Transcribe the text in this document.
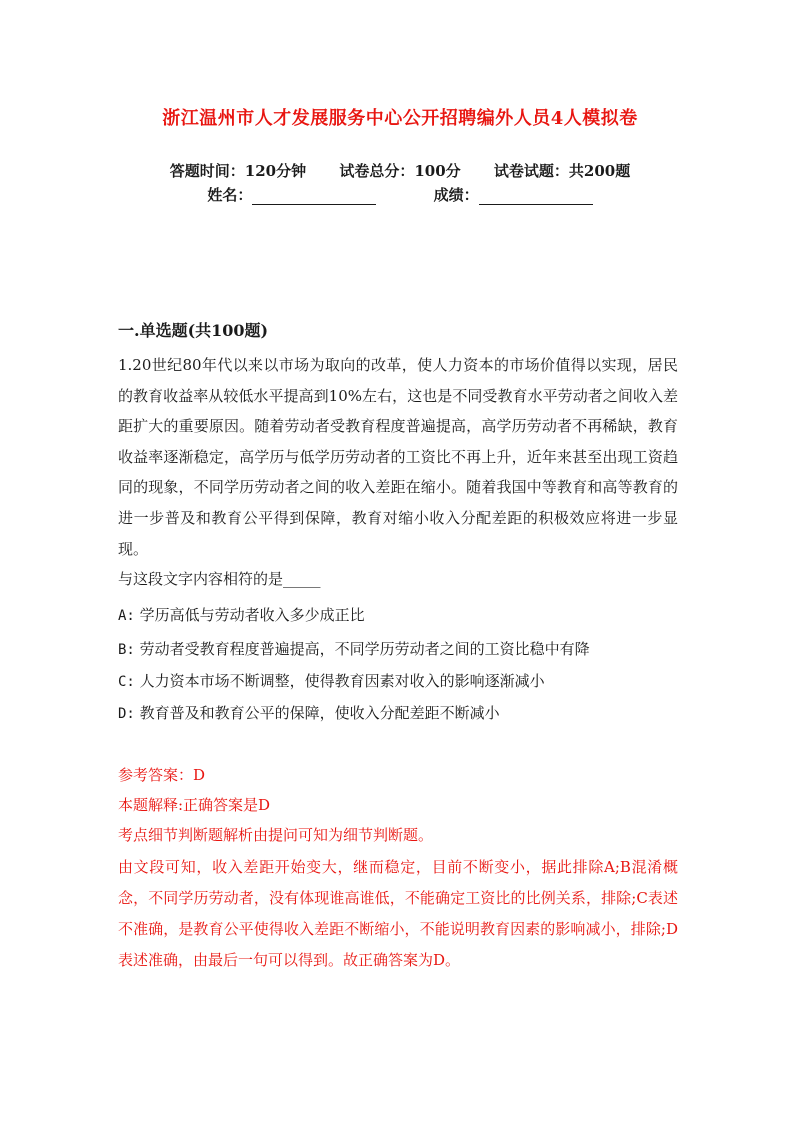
浙江温州市人才发展服务中心公开招聘编外人员4人模拟卷
答题时间：120分钟 试卷总分：100分 试卷试题：共200题
姓名：	成绩：
一.单选题(共100题)
1.20世纪80年代以来以市场为取向的改革，使人力资本的市场价值得以实现，居民的教育收益率从较低水平提高到10%左右，这也是不同受教育水平劳动者之间收入差距扩大的重要原因。随着劳动者受教育程度普遍提高，高学历劳动者不再稀缺，教育收益率逐渐稳定，高学历与低学历劳动者的工资比不再上升，近年来甚至出现工资趋同的现象，不同学历劳动者之间的收入差距在缩小。随着我国中等教育和高等教育的进一步普及和教育公平得到保障，教育对缩小收入分配差距的积极效应将进一步显现。
与这段文字内容相符的是_____
A: 学历高低与劳动者收入多少成正比
B: 劳动者受教育程度普遍提高，不同学历劳动者之间的工资比稳中有降
C: 人力资本市场不断调整，使得教育因素对收入的影响逐渐减小
D: 教育普及和教育公平的保障，使收入分配差距不断减小
参考答案：D
本题解释:正确答案是D
考点细节判断题解析由提问可知为细节判断题。
由文段可知，收入差距开始变大，继而稳定，目前不断变小，据此排除A;B混淆概念，不同学历劳动者，没有体现谁高谁低，不能确定工资比的比例关系，排除;C表述不准确，是教育公平使得收入差距不断缩小，不能说明教育因素的影响减小，排除;D表述准确，由最后一句可以得到。故正确答案为D。
